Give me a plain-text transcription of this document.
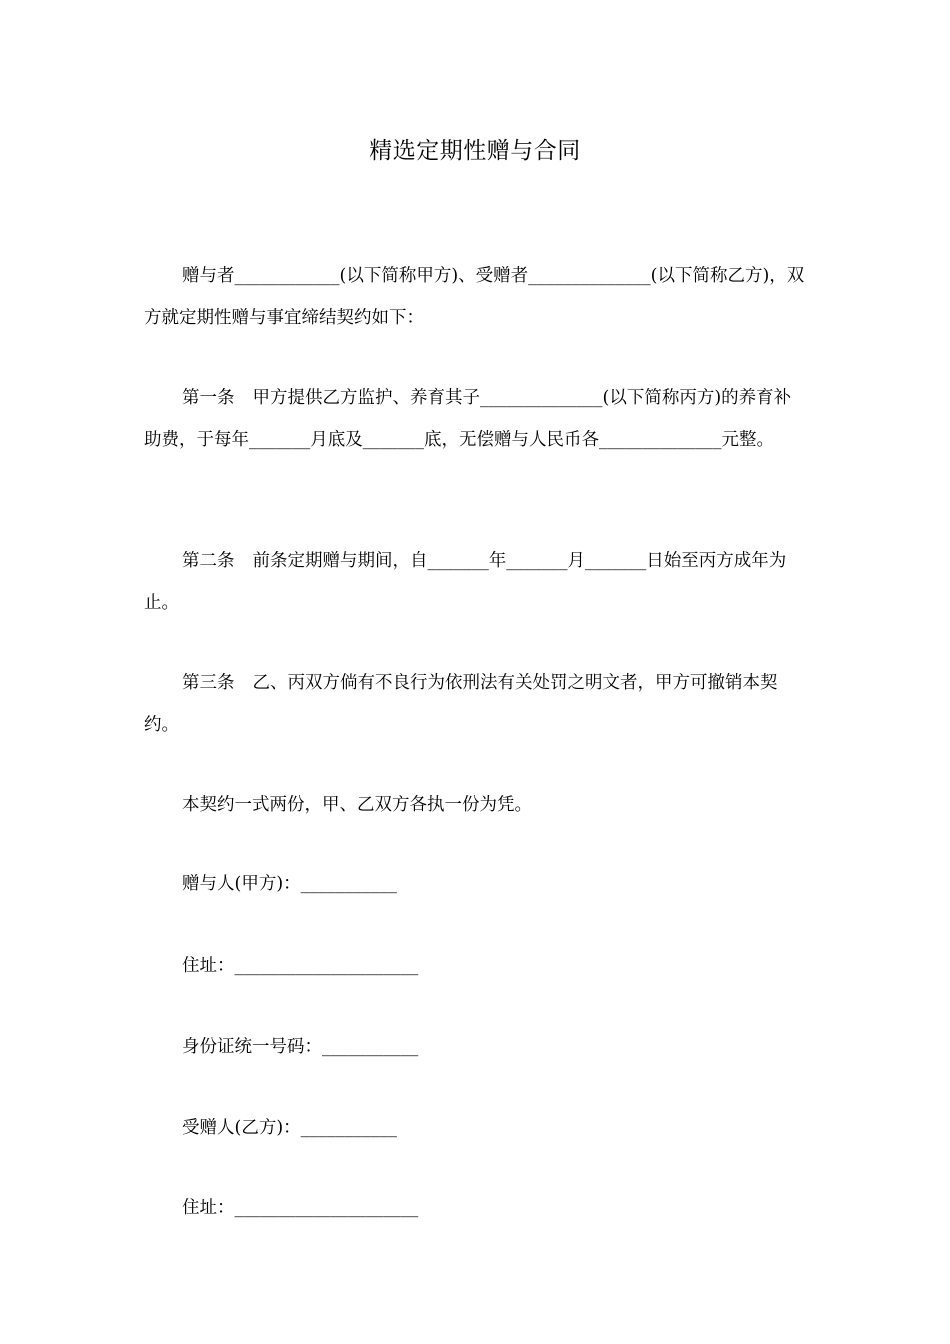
精选定期性赠与合同
赠与者____________(以下简称甲方)、受赠者______________(以下简称乙方)，双方就定期性赠与事宜缔结契约如下：
第一条 甲方提供乙方监护、养育其子______________(以下简称丙方)的养育补助费，于每年_______月底及_______底，无偿赠与人民币各______________元整。
第二条 前条定期赠与期间，自_______年_______月_______日始至丙方成年为止。
第三条 乙、丙双方倘有不良行为依刑法有关处罚之明文者，甲方可撤销本契约。
本契约一式两份，甲、乙双方各执一份为凭。
赠与人(甲方)：___________
住址：_____________________
身份证统一号码：___________
受赠人(乙方)：___________
住址：_____________________
